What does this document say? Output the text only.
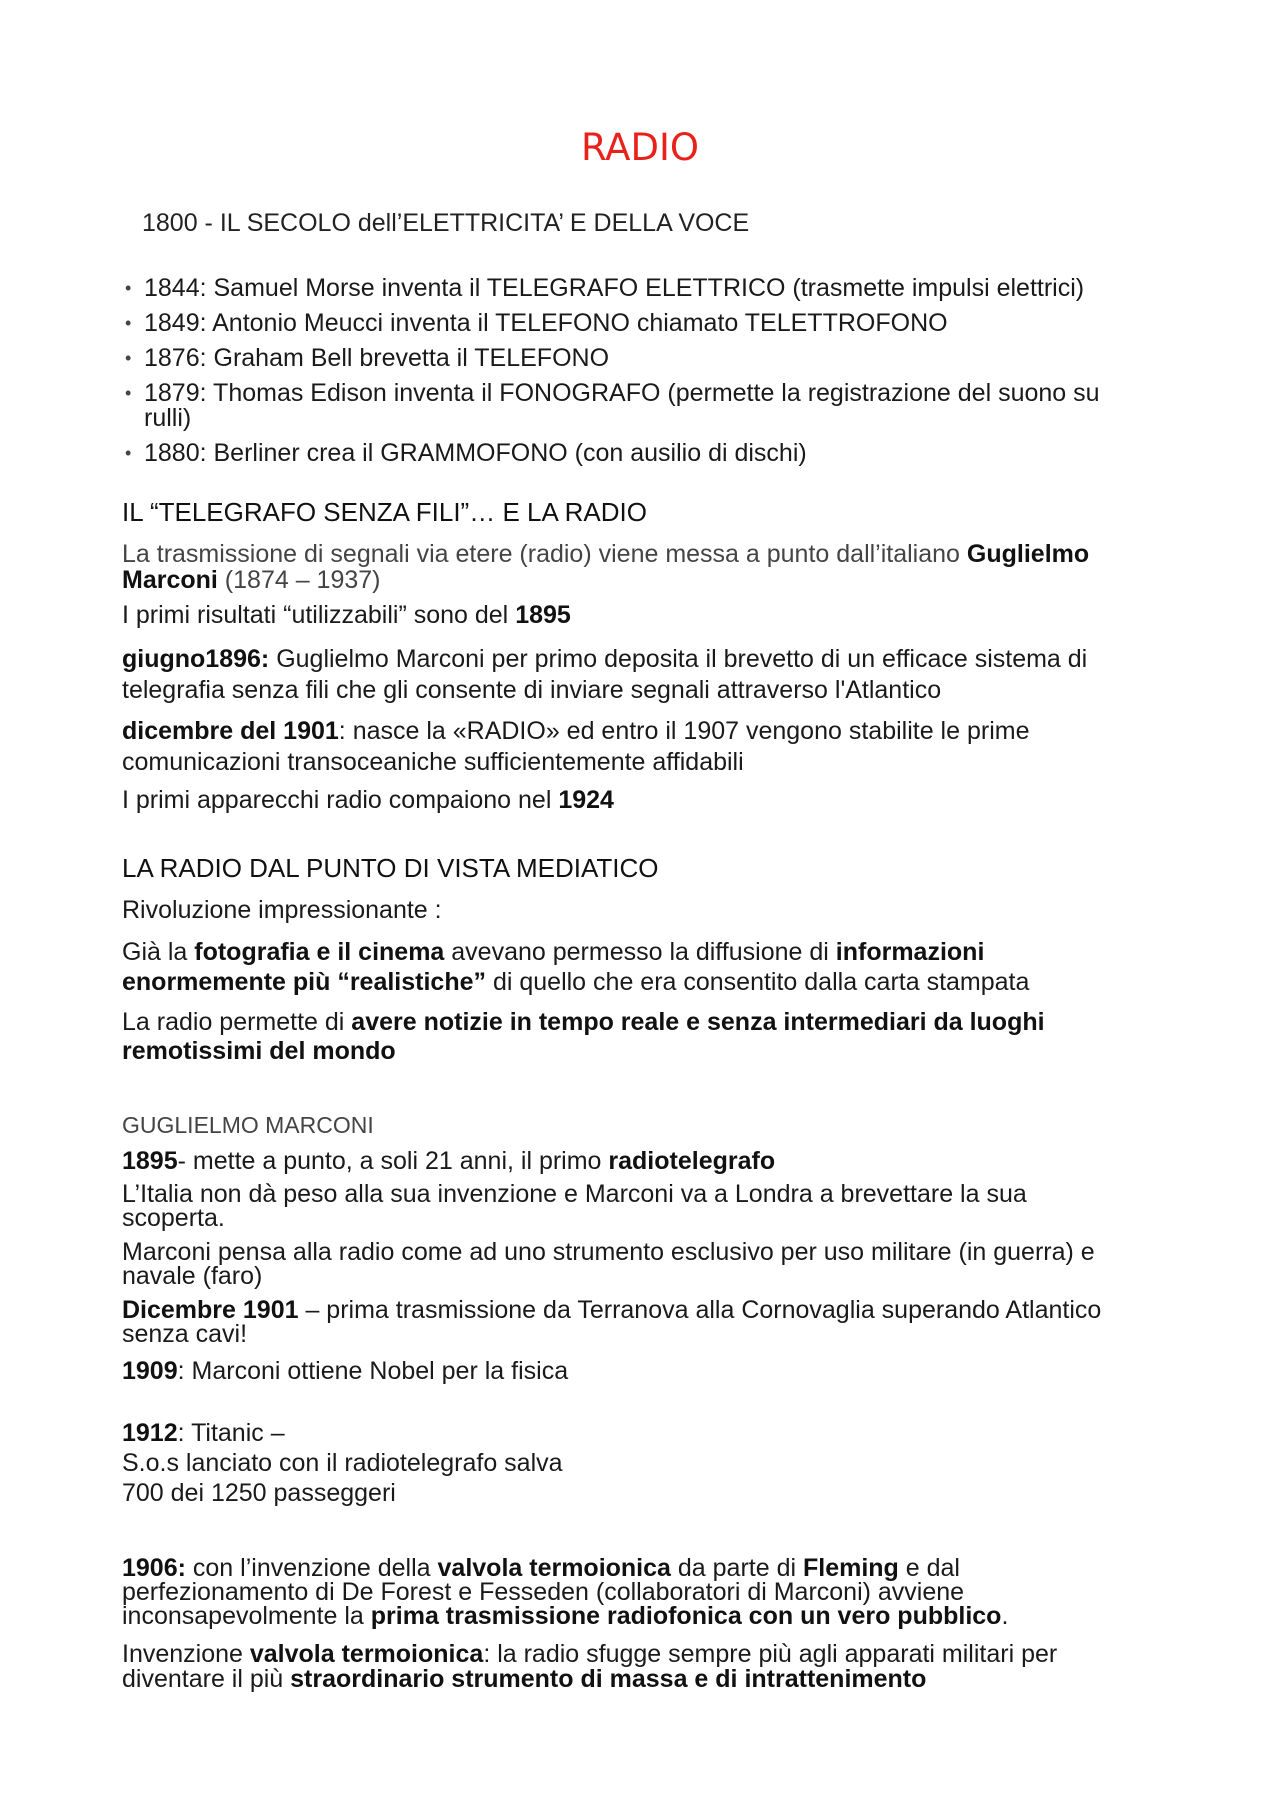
RADIO
1800 - IL SECOLO dell’ELETTRICITA’ E DELLA VOCE
• 1844: Samuel Morse inventa il TELEGRAFO ELETTRICO (trasmette impulsi elettrici)
• 1849: Antonio Meucci inventa il TELEFONO chiamato TELETTROFONO
• 1876: Graham Bell brevetta il TELEFONO
• 1879: Thomas Edison inventa il FONOGRAFO (permette la registrazione del suono su rulli)
• 1880: Berliner crea il GRAMMOFONO (con ausilio di dischi)
IL “TELEGRAFO SENZA FILI”… E LA RADIO

La trasmissione di segnali via etere (radio) viene messa a punto dall’italiano Guglielmo Marconi (1874 – 1937)

I primi risultati “utilizzabili” sono del 1895

giugno1896: Guglielmo Marconi per primo deposita il brevetto di un efficace sistema di telegrafia senza fili che gli consente di inviare segnali attraverso l'Atlantico

dicembre del 1901: nasce la «RADIO» ed entro il 1907 vengono stabilite le prime comunicazioni transoceaniche sufficientemente affidabili

I primi apparecchi radio compaiono nel 1924

LA RADIO DAL PUNTO DI VISTA MEDIATICO

Rivoluzione impressionante :

Già la fotografia e il cinema avevano permesso la diffusione di informazioni enormemente più “realistiche” di quello che era consentito dalla carta stampata

La radio permette di avere notizie in tempo reale e senza intermediari da luoghi remotissimi del mondo

GUGLIELMO MARCONI

1895- mette a punto, a soli 21 anni, il primo radiotelegrafo

L’Italia non dà peso alla sua invenzione e Marconi va a Londra a brevettare la sua scoperta.

Marconi pensa alla radio come ad uno strumento esclusivo per uso militare (in guerra) e navale (faro)

Dicembre 1901 – prima trasmissione da Terranova alla Cornovaglia superando Atlantico senza cavi!

1909: Marconi ottiene Nobel per la fisica

1912: Titanic –
S.o.s lanciato con il radiotelegrafo salva
700 dei 1250 passeggeri

1906: con l’invenzione della valvola termoionica da parte di Fleming e dal perfezionamento di De Forest e Fesseden (collaboratori di Marconi) avviene inconsapevolmente la prima trasmissione radiofonica con un vero pubblico.

Invenzione valvola termoionica: la radio sfugge sempre più agli apparati militari per diventare il più straordinario strumento di massa e di intrattenimento
